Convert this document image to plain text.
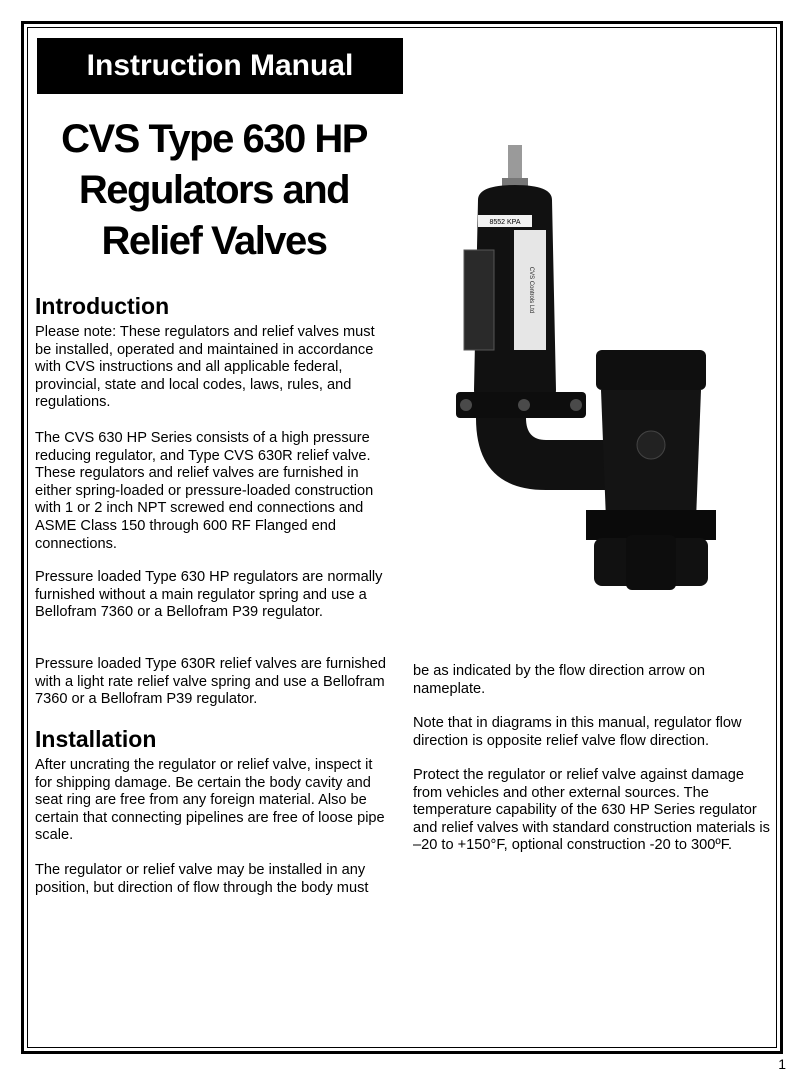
Instruction Manual
CVS Type 630 HP
Regulators and
Relief Valves
Introduction
Please note: These regulators and relief valves must be installed, operated and maintained in accordance with CVS instructions and all applicable federal, provincial, state and local codes, laws, rules, and regulations.
The CVS 630 HP Series consists of a high pressure reducing regulator, and Type CVS 630R relief valve. These regulators and relief valves are furnished in either spring-loaded or pressure-loaded construction with 1 or 2 inch NPT screwed end connections and ASME Class 150 through 600 RF Flanged end connections.
Pressure loaded Type 630 HP regulators are normally furnished without a main regulator spring and use a Bellofram 7360 or a Bellofram P39 regulator.
Pressure loaded Type 630R relief valves are furnished with a light rate relief valve spring and use a Bellofram 7360 or a Bellofram P39 regulator.
Installation
After uncrating the regulator or relief valve, inspect it for shipping damage. Be certain the body cavity and seat ring are free from any foreign material. Also be certain that connecting pipelines are free of loose pipe scale.
The regulator or relief valve may be installed in any position, but direction of flow through the body must
be as indicated by the flow direction arrow on nameplate.
Note that in diagrams in this manual, regulator flow direction is opposite relief valve flow direction.
Protect the regulator or relief valve against damage from vehicles and other external sources. The temperature capability of the 630 HP Series regulator and relief valves with standard construction materials is –20 to +150°F, optional construction -20 to 300ºF.
CVS Controls Ltd
8552 KPA
1
